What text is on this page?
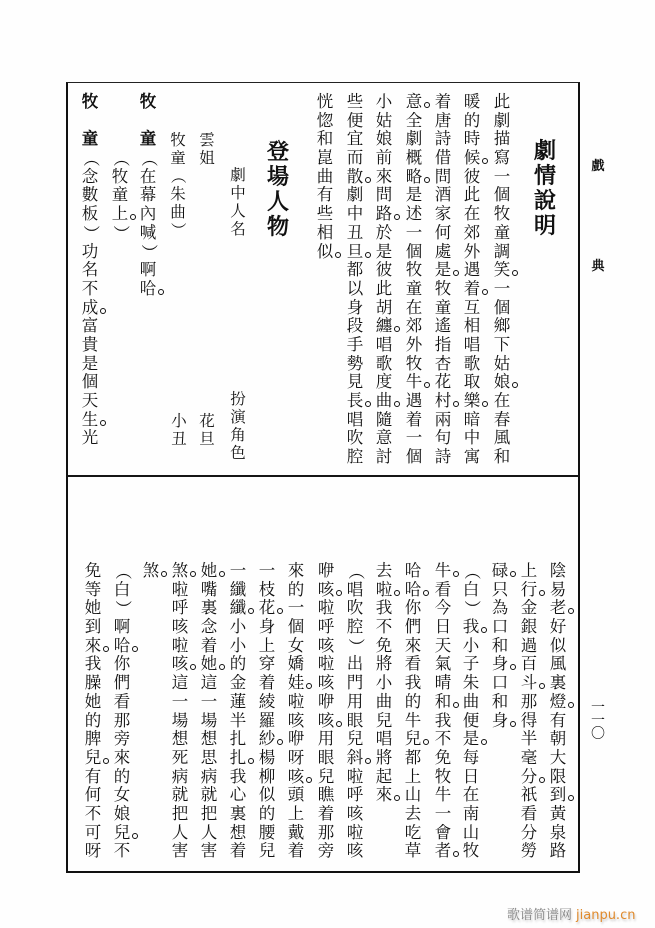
戲
典
一
一
〇
劇
情
說
明
此
劇
描
寫
一
個
牧
童
調
笑
一
個
鄉
下
姑
娘
在
春
風
和
暖
的
時
候
彼
此
在
郊
外
遇
着
互
相
唱
歌
取
樂
暗
中
寓
着
唐
詩
借
問
酒
家
何
處
是
牧
童
遙
指
杏
花
村
兩
句
詩
意
全
劇
概
略
是
述
一
個
牧
童
在
郊
外
牧
牛
遇
着
一
個
小
姑
娘
前
來
問
路
於
是
彼
此
胡
纏
唱
歌
度
曲
隨
意
討
些
便
宜
而
散
劇
中
丑
旦
都
以
身
段
手
勢
見
長
唱
吹
腔
恍
惚
和
崑
曲
有
些
相
似
登
場
人
物
劇
中
人
名
扮
演
角
色
雲
姐
花
旦
牧
童
（
朱
曲
）
小
丑
牧
童
（
在
幕
內
喊
）
啊
哈
（
牧
童
上
）
牧
童
（
念
數
板
）
功
名
不
成
富
貴
是
個
天
生
光
陰
易
老
好
似
風
裏
燈
有
朝
大
限
到
黃
泉
路
上
行
金
銀
過
百
斗
那
得
半
毫
分
祇
看
分
勞
碌
只
為
口
和
身
口
和
身
（
白
）
我
小
子
朱
曲
便
是
每
日
在
南
山
牧
牛
看
今
日
天
氣
晴
和
我
不
免
牧
牛
一
會
者
哈
哈
你
們
來
看
我
的
牛
兒
都
上
山
去
吃
草
去
啦
我
不
免
將
小
曲
兒
唱
將
起
來
（
唱
吹
腔
）
出
門
用
眼
兒
斜
啦
呼
咳
啦
咳
咿
咳
啦
呼
咳
啦
咳
咿
咳
用
眼
兒
瞧
着
那
旁
來
的
一
個
女
嬌
娃
啦
咳
咿
呀
咳
頭
上
戴
着
一
枝
花
身
上
穿
着
綾
羅
紗
楊
柳
似
的
腰
兒
一
纖
纖
小
小
的
金
蓮
半
扎
扎
我
心
裏
想
着
她
嘴
裏
念
着
她
這
一
場
想
思
病
就
把
人
害
煞
啦
呼
咳
啦
咳
這
一
場
想
死
病
就
把
人
害
煞
（
白
）
啊
哈
你
們
看
那
旁
來
的
女
娘
兒
不
免
等
她
到
來
我
臊
她
的
脾
兒
有
何
不
可
呀
歌谱简谱网 jianpu.cn
